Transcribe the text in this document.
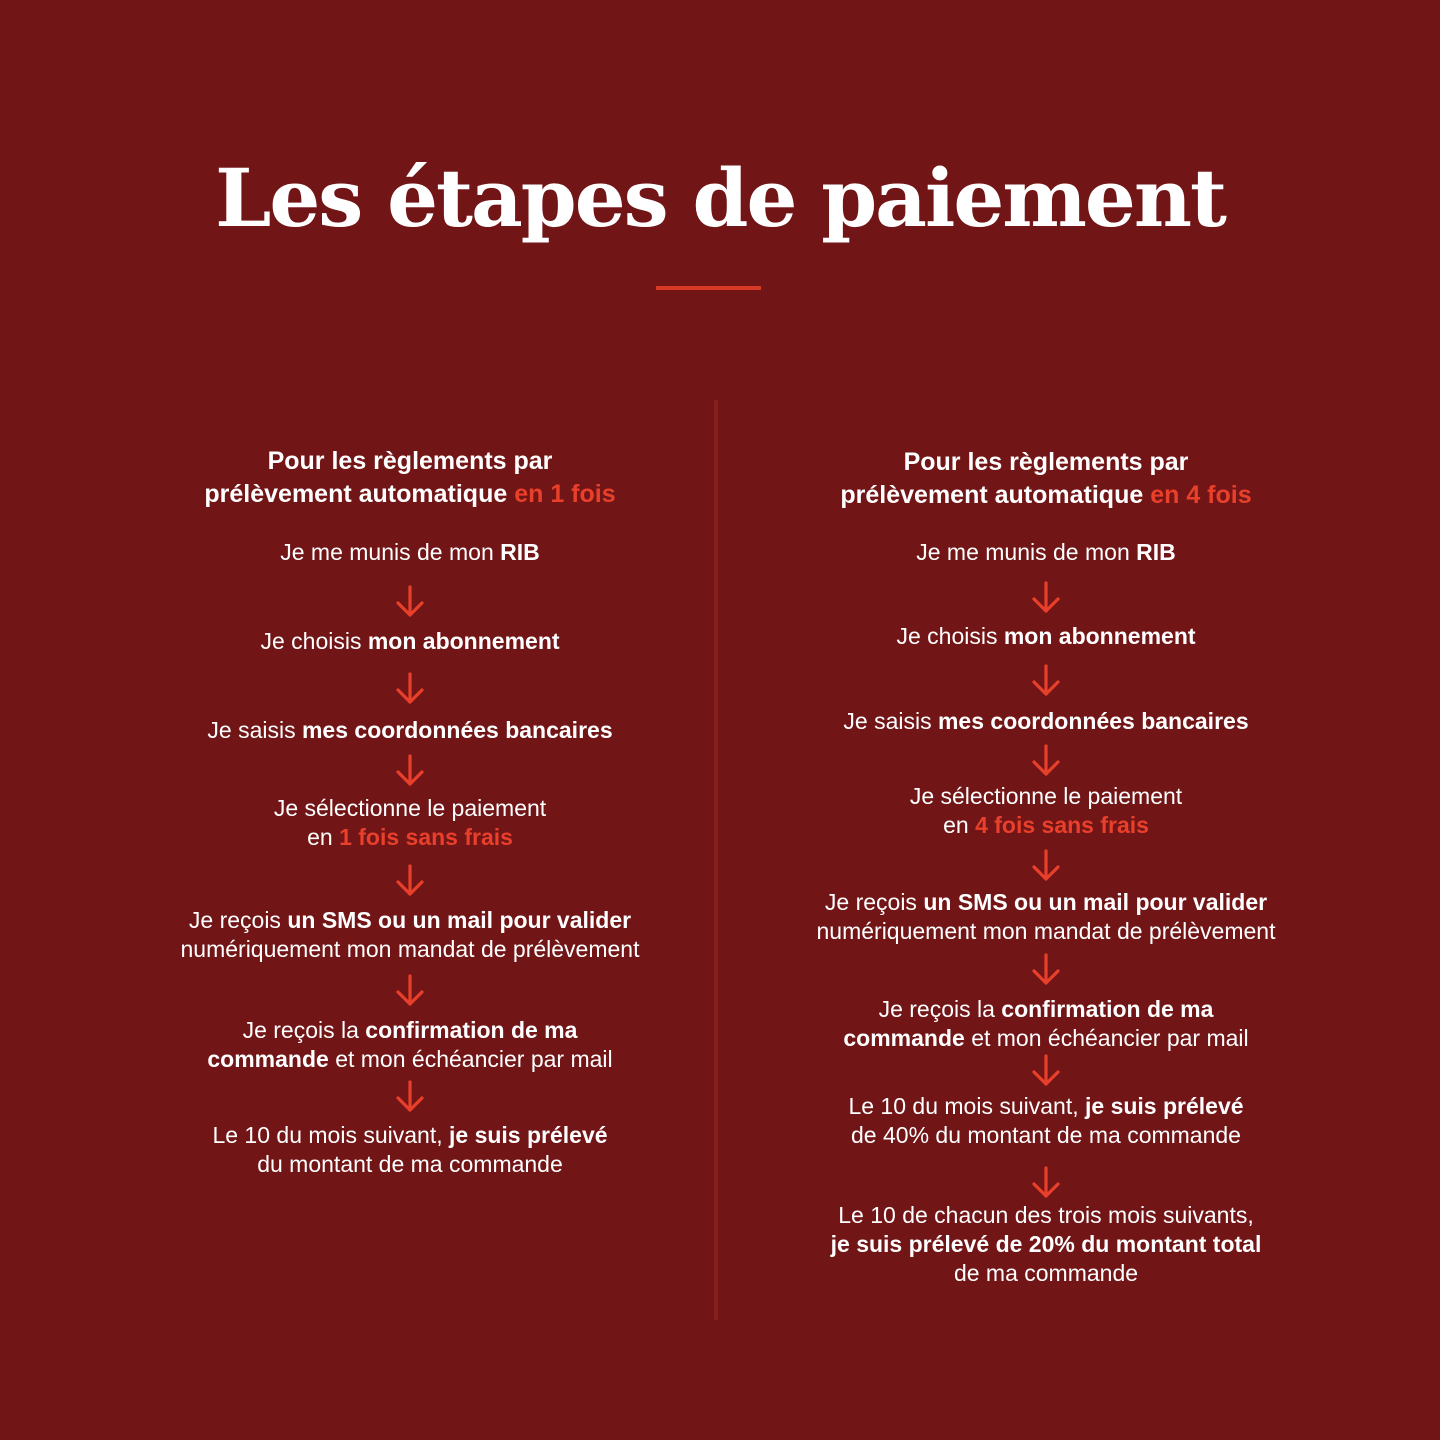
Les étapes de paiement
Pour les règlements par
prélèvement automatique en 1 fois
Je me munis de mon RIB
Je choisis mon abonnement
Je saisis mes coordonnées bancaires
Je sélectionne le paiement
en 1 fois sans frais
Je reçois un SMS ou un mail pour valider
numériquement mon mandat de prélèvement
Je reçois la confirmation de ma
commande et mon échéancier par mail
Le 10 du mois suivant, je suis prélevé
du montant de ma commande
Pour les règlements par
prélèvement automatique en 4 fois
Je me munis de mon RIB
Je choisis mon abonnement
Je saisis mes coordonnées bancaires
Je sélectionne le paiement
en 4 fois sans frais
Je reçois un SMS ou un mail pour valider
numériquement mon mandat de prélèvement
Je reçois la confirmation de ma
commande et mon échéancier par mail
Le 10 du mois suivant, je suis prélevé
de 40% du montant de ma commande
Le 10 de chacun des trois mois suivants,
je suis prélevé de 20% du montant total
de ma commande
